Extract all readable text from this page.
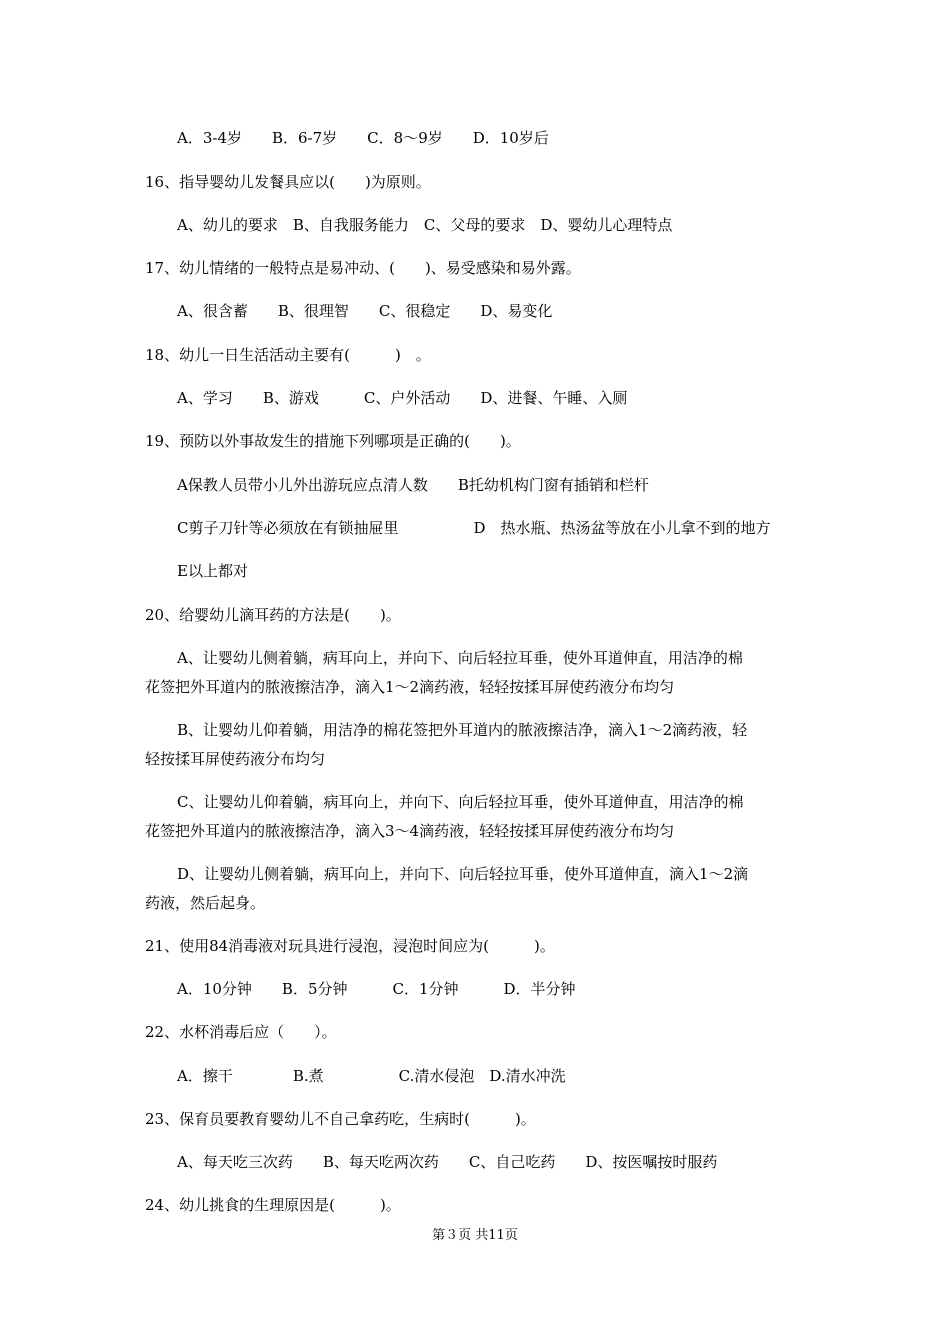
A．3-4岁　　B．6-7岁　　C．8～9岁　　D．10岁后

16、指导婴幼儿发餐具应以(　　)为原则。

A、幼儿的要求　B、自我服务能力　C、父母的要求　D、婴幼儿心理特点

17、幼儿情绪的一般特点是易冲动、(　　)、易受感染和易外露。

A、很含蓄　　B、很理智　　C、很稳定　　D、易变化

18、幼儿一日生活活动主要有(　　　)　。

A、学习　　B、游戏　　　C、户外活动　　D、进餐、午睡、入厕

19、预防以外事故发生的措施下列哪项是正确的(　　)。

A保教人员带小儿外出游玩应点清人数　　B托幼机构门窗有插销和栏杆

C剪子刀针等必须放在有锁抽屉里　　　　　D　热水瓶、热汤盆等放在小儿拿不到的地方

E以上都对

20、给婴幼儿滴耳药的方法是(　　)。

A、让婴幼儿侧着躺，病耳向上，并向下、向后轻拉耳垂，使外耳道伸直，用洁净的棉

花签把外耳道内的脓液擦洁净，滴入1～2滴药液，轻轻按揉耳屏使药液分布均匀

B、让婴幼儿仰着躺，用洁净的棉花签把外耳道内的脓液擦洁净，滴入1～2滴药液，轻

轻按揉耳屏使药液分布均匀

C、让婴幼儿仰着躺，病耳向上，并向下、向后轻拉耳垂，使外耳道伸直，用洁净的棉

花签把外耳道内的脓液擦洁净，滴入3～4滴药液，轻轻按揉耳屏使药液分布均匀

D、让婴幼儿侧着躺，病耳向上，并向下、向后轻拉耳垂，使外耳道伸直，滴入1～2滴

药液，然后起身。

21、使用84消毒液对玩具进行浸泡，浸泡时间应为(　　　)。

A．10分钟　　B．5分钟　　　C．1分钟　　　D．半分钟

22、水杯消毒后应（　　）。

A．擦干　　　　B.煮　　　　　C.清水侵泡　D.清水冲洗

23、保育员要教育婴幼儿不自己拿药吃，生病时(　　　)。

A、每天吃三次药　　B、每天吃两次药　　C、自己吃药　　D、按医嘱按时服药

24、幼儿挑食的生理原因是(　　　)。

第３页 共11页
